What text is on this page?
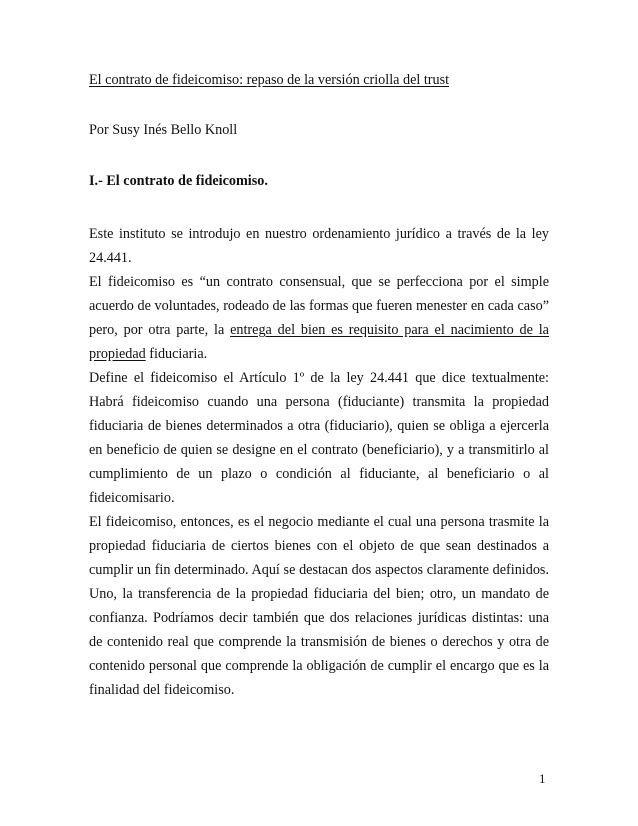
El contrato de fideicomiso: repaso de la versión criolla del trust
Por Susy Inés Bello Knoll
I.- El contrato de fideicomiso.

Este instituto se introdujo en nuestro ordenamiento jurídico a través de la ley 24.441.

El fideicomiso es “un contrato consensual, que se perfecciona por el simple acuerdo de voluntades, rodeado de las formas que fueren menester en cada caso” pero, por otra parte, la entrega del bien es requisito para el nacimiento de la propiedad fiduciaria.

Define el fideicomiso el Artículo 1º de la ley 24.441 que dice textualmente: Habrá fideicomiso cuando una persona (fiduciante) transmita la propiedad fiduciaria de bienes determinados a otra (fiduciario), quien se obliga a ejercerla en beneficio de quien se designe en el contrato (beneficiario), y a transmitirlo al cumplimiento de un plazo o condición al fiduciante, al beneficiario o al fideicomisario.

El fideicomiso, entonces, es el negocio mediante el cual una persona trasmite la propiedad fiduciaria de ciertos bienes con el objeto de que sean destinados a cumplir un fin determinado. Aquí se destacan dos aspectos claramente definidos. Uno, la transferencia de la propiedad fiduciaria del bien; otro, un mandato de confianza. Podríamos decir también que dos relaciones jurídicas distintas: una de contenido real que comprende la transmisión de bienes o derechos y otra de contenido personal que comprende la obligación de cumplir el encargo que es la finalidad del fideicomiso.

1
